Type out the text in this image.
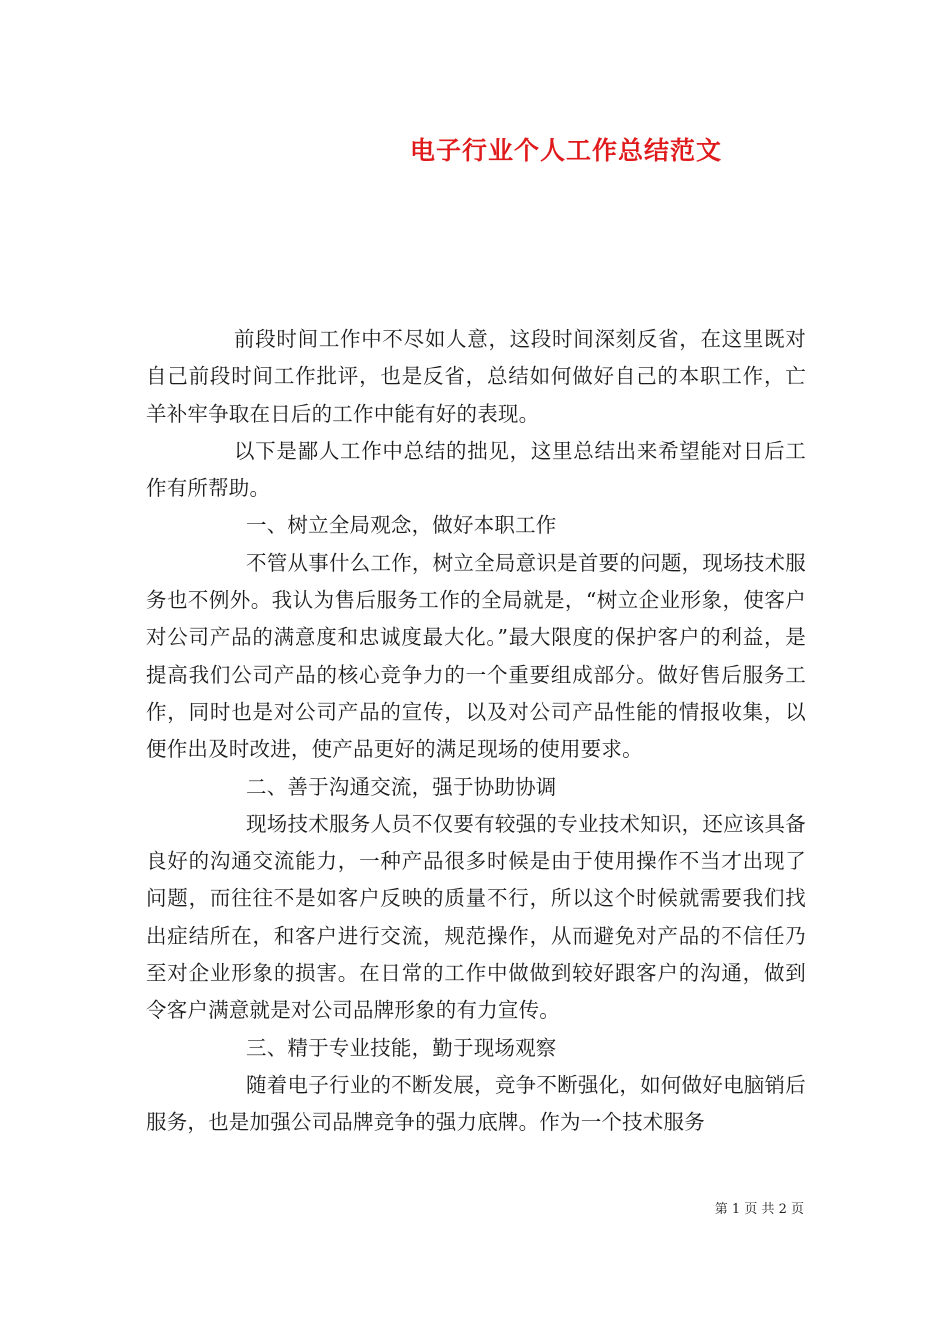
电子行业个人工作总结范文

前段时间工作中不尽如人意，这段时间深刻反省，在这里既对自己前段时间工作批评，也是反省，总结如何做好自己的本职工作，亡羊补牢争取在日后的工作中能有好的表现。

以下是鄙人工作中总结的拙见，这里总结出来希望能对日后工作有所帮助。

一、树立全局观念，做好本职工作

不管从事什么工作，树立全局意识是首要的问题，现场技术服务也不例外。我认为售后服务工作的全局就是，“树立企业形象，使客户对公司产品的满意度和忠诚度最大化。”最大限度的保护客户的利益，是提高我们公司产品的核心竞争力的一个重要组成部分。做好售后服务工作，同时也是对公司产品的宣传，以及对公司产品性能的情报收集，以便作出及时改进，使产品更好的满足现场的使用要求。

二、善于沟通交流，强于协助协调

现场技术服务人员不仅要有较强的专业技术知识，还应该具备良好的沟通交流能力，一种产品很多时候是由于使用操作不当才出现了问题，而往往不是如客户反映的质量不行，所以这个时候就需要我们找出症结所在，和客户进行交流，规范操作，从而避免对产品的不信任乃至对企业形象的损害。在日常的工作中做做到较好跟客户的沟通，做到令客户满意就是对公司品牌形象的有力宣传。

三、精于专业技能，勤于现场观察

随着电子行业的不断发展，竞争不断强化，如何做好电脑销后服务，也是加强公司品牌竞争的强力底牌。作为一个技术服务

第 1 页 共 2 页
